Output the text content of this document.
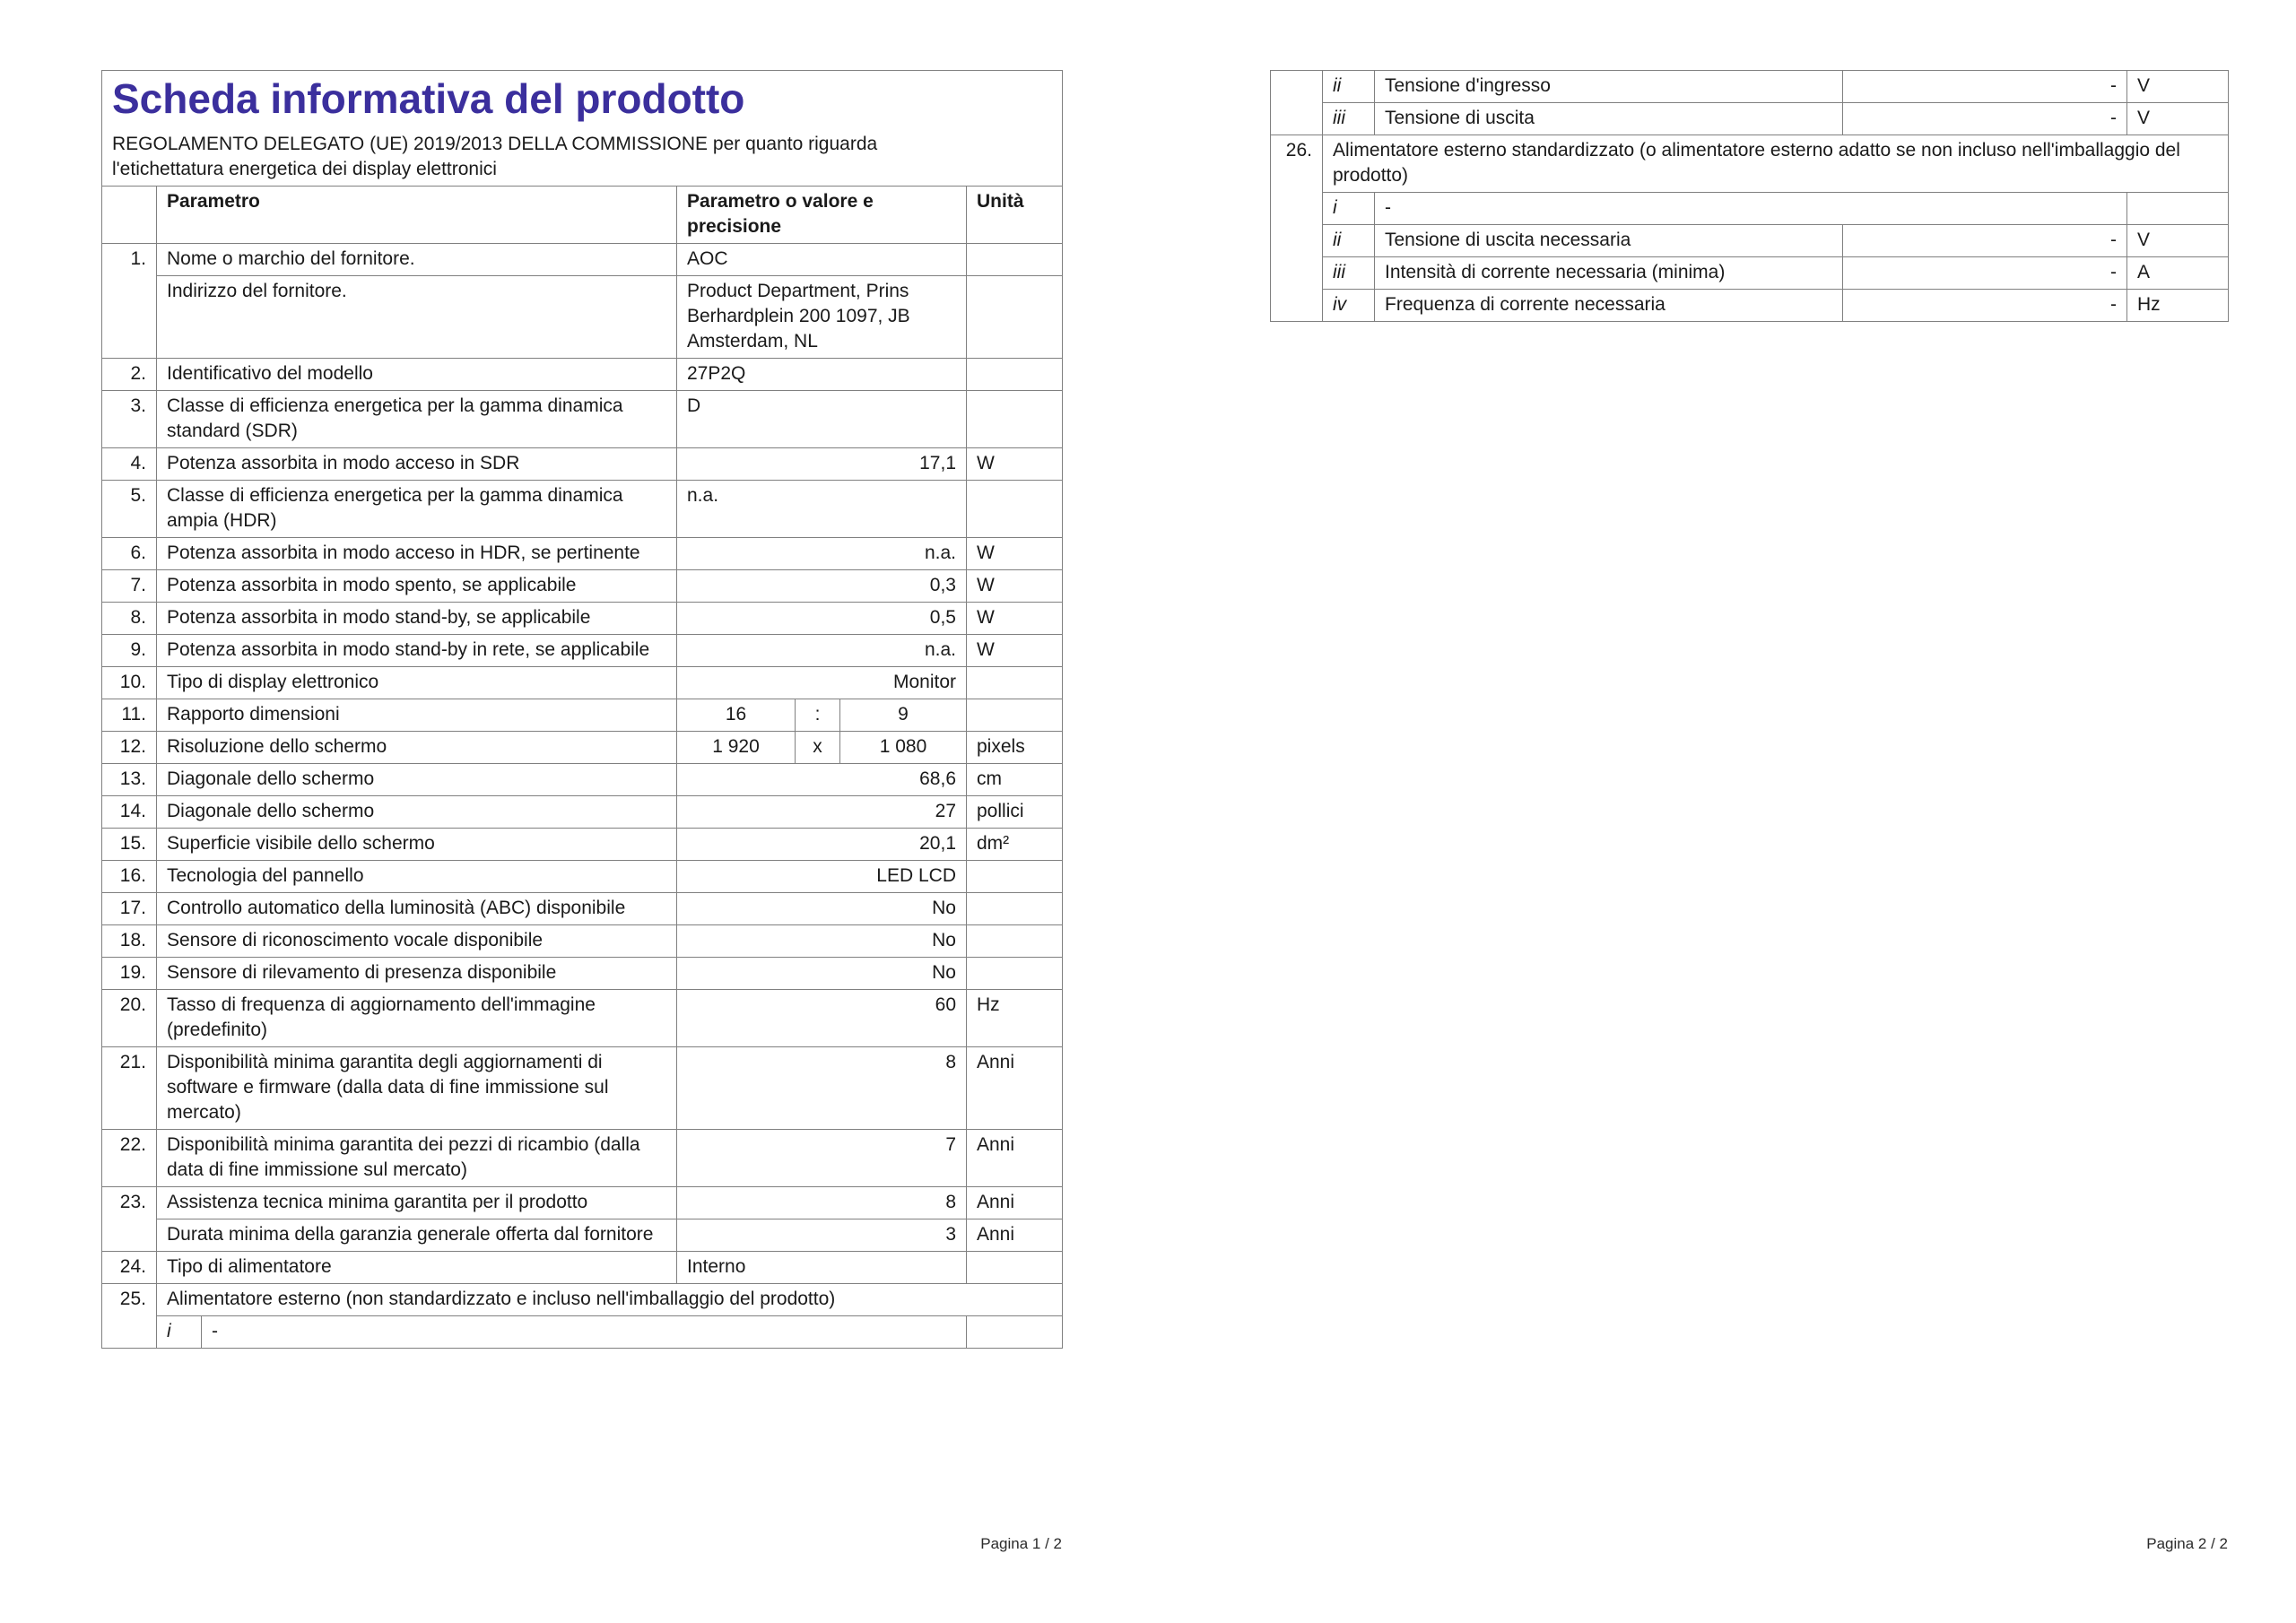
Scheda informativa del prodotto
REGOLAMENTO DELEGATO (UE) 2019/2013 DELLA COMMISSIONE per quanto riguarda l'etichettatura energetica dei display elettronici						

	Parametro		Parametro o valore e precisione			Unità
1.	Nome o marchio del fornitore.		AOC			
	Indirizzo del fornitore.		Product Department, Prins Berhardplein 200 1097, JB Amsterdam, NL			
2.	Identificativo del modello		27P2Q			
3.	Classe di efficienza energetica per la gamma dinamica standard (SDR)		D			
4.	Potenza assorbita in modo acceso in SDR		17,1			W
5.	Classe di efficienza energetica per la gamma dinamica ampia (HDR)		n.a.			
6.	Potenza assorbita in modo acceso in HDR, se pertinente		n.a.			W
7.	Potenza assorbita in modo spento, se applicabile		0,3			W
8.	Potenza assorbita in modo stand-by, se applicabile		0,5			W
9.	Potenza assorbita in modo stand-by in rete, se applicabile		n.a.			W
10.	Tipo di display elettronico		Monitor			
11.	Rapporto dimensioni		16	:	9	
12.	Risoluzione dello schermo		1 920	x	1 080	pixels
13.	Diagonale dello schermo		68,6			cm
14.	Diagonale dello schermo		27			pollici
15.	Superficie visibile dello schermo		20,1			dm²
16.	Tecnologia del pannello		LED LCD			
17.	Controllo automatico della luminosità (ABC) disponibile		No			
18.	Sensore di riconoscimento vocale disponibile		No			
19.	Sensore di rilevamento di presenza disponibile		No			
20.	Tasso di frequenza di aggiornamento dell'immagine (predefinito)		60			Hz
21.	Disponibilità minima garantita degli aggiornamenti di software e firmware (dalla data di fine immissione sul mercato)		8			Anni
22.	Disponibilità minima garantita dei pezzi di ricambio (dalla data di fine immissione sul mercato)		7			Anni
23.	Assistenza tecnica minima garantita per il prodotto		8			Anni
	Durata minima della garanzia generale offerta dal fornitore		3			Anni
24.	Tipo di alimentatore		Interno			
25.	Alimentatore esterno (non standardizzato e incluso nell'imballaggio del prodotto)					
	i	-				
Pagina 1 / 2
	ii	Tensione d'ingresso	-	V
	iii	Tensione di uscita	-	V
26.	Alimentatore esterno standardizzato (o alimentatore esterno adatto se non incluso nell'imballaggio del prodotto)			
	i	-		
	ii	Tensione di uscita necessaria	-	V
	iii	Intensità di corrente necessaria (minima)	-	A
	iv	Frequenza di corrente necessaria	-	Hz
Pagina 2 / 2
